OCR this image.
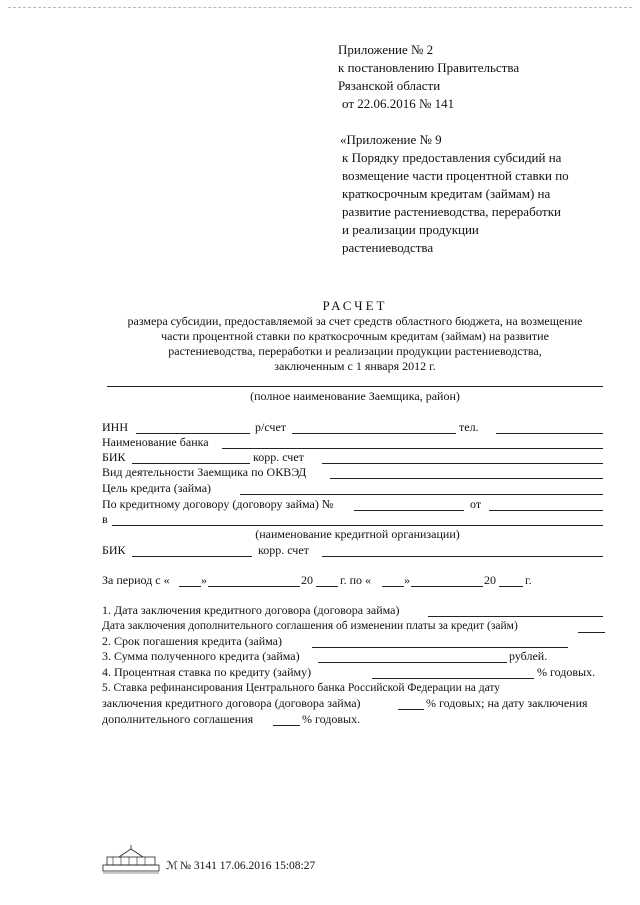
Приложение № 2
к постановлению Правительства
Рязанской области
от 22.06.2016 № 141
«Приложение № 9
к Порядку предоставления субсидий на
возмещение части процентной ставки по
краткосрочным кредитам (займам) на
развитие растениеводства, переработки
и реализации продукции
растениеводства
РАСЧЕТ
размера субсидии, предоставляемой за счет средств областного бюджета, на возмещение
части процентной ставки по краткосрочным кредитам (займам) на развитие
растениеводства, переработки и реализации продукции растениеводства,
заключенным с 1 января 2012 г.
(полное наименование Заемщика, район)
ИНН	р/счет	тел.
Наименование банка
БИК	корр. счет
Вид деятельности Заемщика по ОКВЭД
Цель кредита (займа)
По кредитному договору (договору займа) №	от
в
(наименование кредитной организации)
БИК	корр. счет
За период с «	»	20 г. по «	»	20 г.
1. Дата заключения кредитного договора (договора займа)
Дата заключения дополнительного соглашения об изменении платы за кредит (займ)
2. Срок погашения кредита (займа)
3. Сумма полученного кредита (займа)	рублей.
4. Процентная ставка по кредиту (займу)	% годовых.
5. Ставка рефинансирования Центрального банка Российской Федерации на дату
заключения кредитного договора (договора займа)	% годовых; на дату заключения
дополнительного соглашения	% годовых.
ℳ № 3141 17.06.2016 15:08:27
